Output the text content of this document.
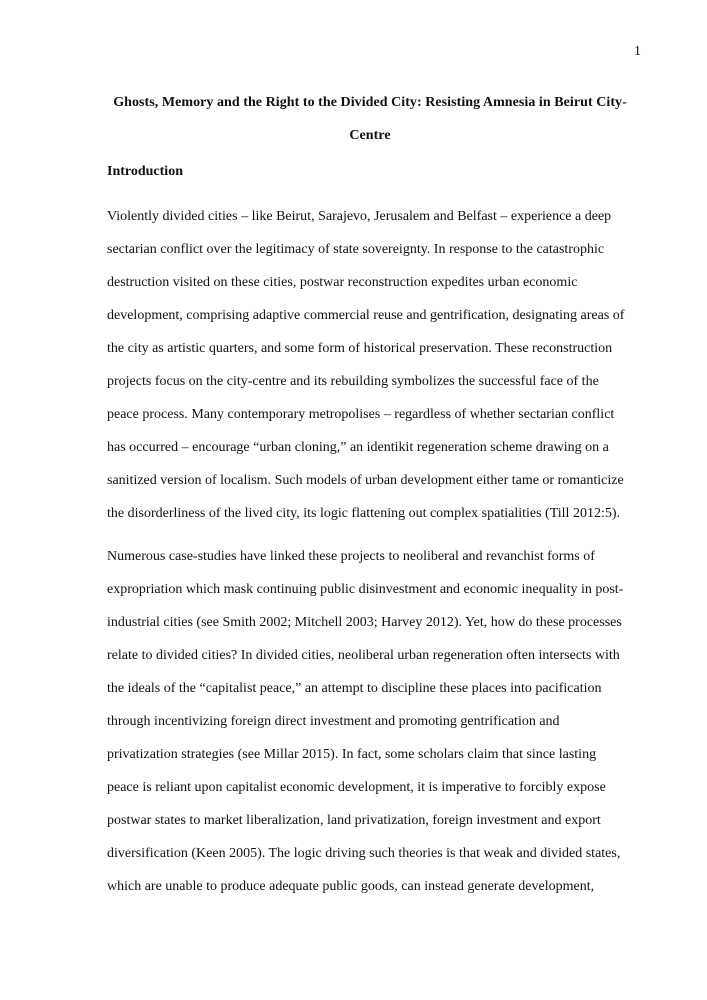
1
Ghosts, Memory and the Right to the Divided City: Resisting Amnesia in Beirut City-Centre
Introduction
Violently divided cities – like Beirut, Sarajevo, Jerusalem and Belfast – experience a deep
sectarian conflict over the legitimacy of state sovereignty. In response to the catastrophic
destruction visited on these cities, postwar reconstruction expedites urban economic
development, comprising adaptive commercial reuse and gentrification, designating areas of
the city as artistic quarters, and some form of historical preservation. These reconstruction
projects focus on the city-centre and its rebuilding symbolizes the successful face of the
peace process. Many contemporary metropolises – regardless of whether sectarian conflict
has occurred – encourage “urban cloning,” an identikit regeneration scheme drawing on a
sanitized version of localism. Such models of urban development either tame or romanticize
the disorderliness of the lived city, its logic flattening out complex spatialities (Till 2012:5).
Numerous case-studies have linked these projects to neoliberal and revanchist forms of
expropriation which mask continuing public disinvestment and economic inequality in post-
industrial cities (see Smith 2002; Mitchell 2003; Harvey 2012). Yet, how do these processes
relate to divided cities? In divided cities, neoliberal urban regeneration often intersects with
the ideals of the “capitalist peace,” an attempt to discipline these places into pacification
through incentivizing foreign direct investment and promoting gentrification and
privatization strategies (see Millar 2015). In fact, some scholars claim that since lasting
peace is reliant upon capitalist economic development, it is imperative to forcibly expose
postwar states to market liberalization, land privatization, foreign investment and export
diversification (Keen 2005). The logic driving such theories is that weak and divided states,
which are unable to produce adequate public goods, can instead generate development,
